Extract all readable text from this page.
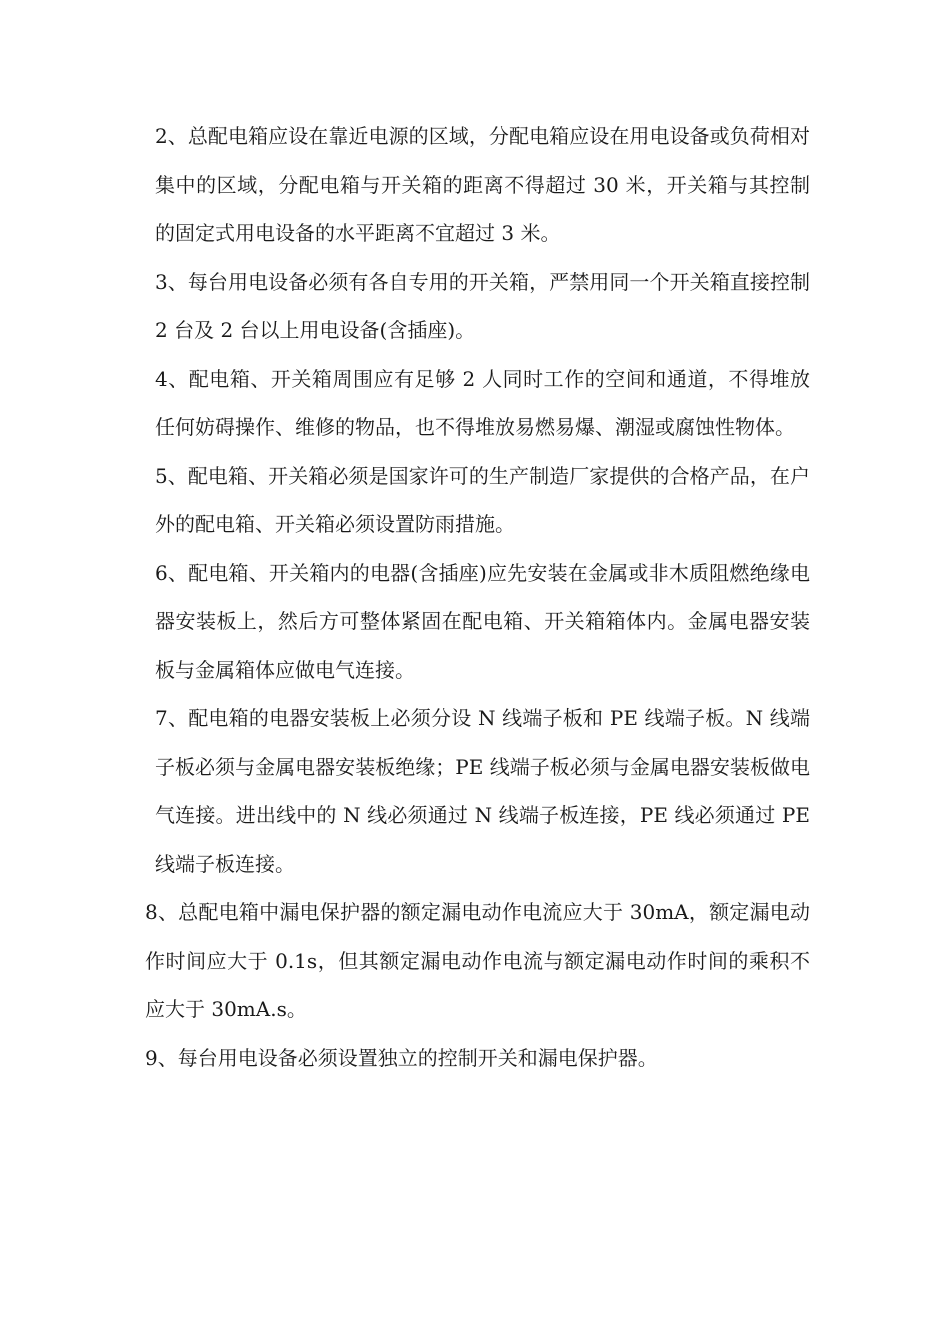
2、总配电箱应设在靠近电源的区域，分配电箱应设在用电设备或负荷相对集中的区域，分配电箱与开关箱的距离不得超过 30 米，开关箱与其控制的固定式用电设备的水平距离不宜超过 3 米。

3、每台用电设备必须有各自专用的开关箱，严禁用同一个开关箱直接控制 2 台及 2 台以上用电设备(含插座)。

4、配电箱、开关箱周围应有足够 2 人同时工作的空间和通道，不得堆放任何妨碍操作、维修的物品，也不得堆放易燃易爆、潮湿或腐蚀性物体。

5、配电箱、开关箱必须是国家许可的生产制造厂家提供的合格产品，在户外的配电箱、开关箱必须设置防雨措施。

6、配电箱、开关箱内的电器(含插座)应先安装在金属或非木质阻燃绝缘电器安装板上，然后方可整体紧固在配电箱、开关箱箱体内。金属电器安装板与金属箱体应做电气连接。

7、配电箱的电器安装板上必须分设 N 线端子板和 PE 线端子板。N 线端子板必须与金属电器安装板绝缘；PE 线端子板必须与金属电器安装板做电气连接。进出线中的 N 线必须通过 N 线端子板连接，PE 线必须通过 PE 线端子板连接。

8、总配电箱中漏电保护器的额定漏电动作电流应大于 30mA，额定漏电动作时间应大于 0.1s，但其额定漏电动作电流与额定漏电动作时间的乘积不应大于 30mA.s。

9、每台用电设备必须设置独立的控制开关和漏电保护器。
